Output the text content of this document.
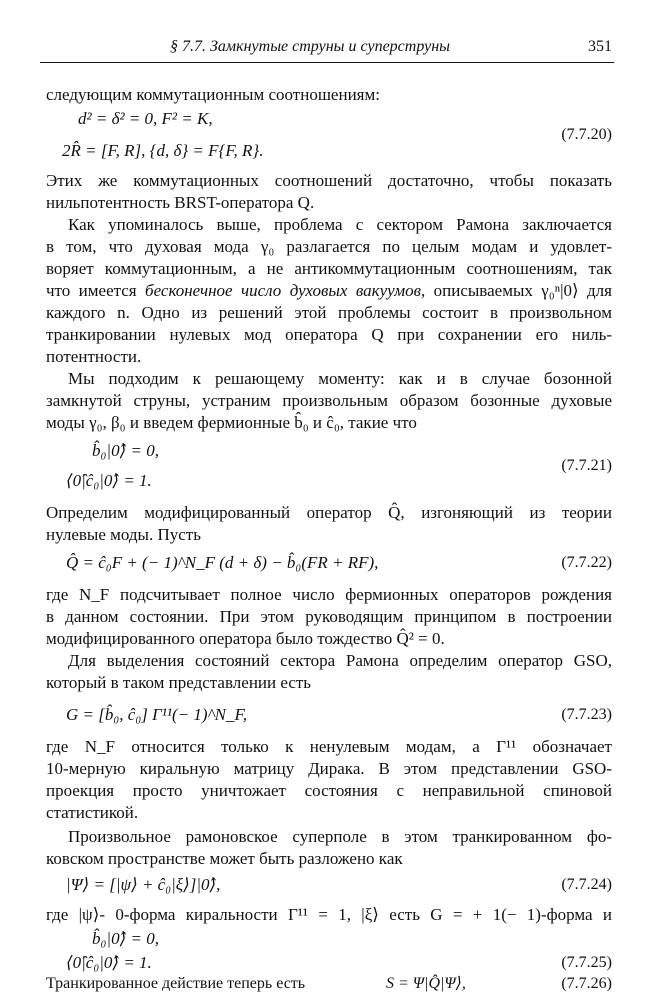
§ 7.7. Замкнутые струны и суперструны	351
следующим коммутационным соотношениям:
d² = δ² = 0, F² = K,
2R̂ = [F, R], {d, δ} = F{F, R}.
(7.7.20)
Этих же коммутационных соотношений достаточно, чтобы показать
нильпотентность BRST-оператора Q.
Как упоминалось выше, проблема с сектором Рамона заключается
в том, что духовая мода γ₀ разлагается по целым модам и удовлет-
воряет коммутационным, а не антикоммутационным соотношениям, так
что имеется бесконечное число духовых вакуумов, описываемых γ₀ⁿ|0⟩ для
каждого n. Одно из решений этой проблемы состоит в произвольном
транкировании нулевых мод оператора Q при сохранении его ниль-
потентности.
Мы подходим к решающему моменту: как и в случае бозонной
замкнутой струны, устраним произвольным образом бозонные духовые
моды γ₀, β₀ и введем фермионные b̂₀ и ĉ₀, такие что
b̂₀|0̂⟩ = 0,
⟨0̂|ĉ₀|0̂⟩ = 1.
(7.7.21)
Определим модифицированный оператор Q̂, изгоняющий из теории
нулевые моды. Пусть
Q̂ = ĉ₀F + (− 1)^N_F (d + δ) − b̂₀(FR + RF),	(7.7.22)
где N_F подсчитывает полное число фермионных операторов рождения
в данном состоянии. При этом руководящим принципом в построении
модифицированного оператора было тождество Q̂² = 0.
Для выделения состояний сектора Рамона определим оператор GSO,
который в таком представлении есть
G = [b̂₀, ĉ₀] Γ¹¹(− 1)^N_F,	(7.7.23)
где N_F относится только к ненулевым модам, а Γ¹¹ обозначает
10-мерную киральную матрицу Дирака. В этом представлении GSO-
проекция просто уничтожает состояния с неправильной спиновой
статистикой.
Произвольное рамоновское суперполе в этом транкированном фо-
ковском пространстве может быть разложено как
|Ψ⟩ = [|ψ⟩ + ĉ₀|ξ⟩]|0̂⟩,	(7.7.24)
где |ψ⟩- 0-форма киральности Γ¹¹ = 1, |ξ⟩ есть G = + 1(− 1)-форма и
b̂₀|0̂⟩ = 0,
⟨0̂|ĉ₀|0̂⟩ = 1.	(7.7.25)
Транкированное действие теперь есть	S = Ψ|Q̂|Ψ⟩,	(7.7.26)
